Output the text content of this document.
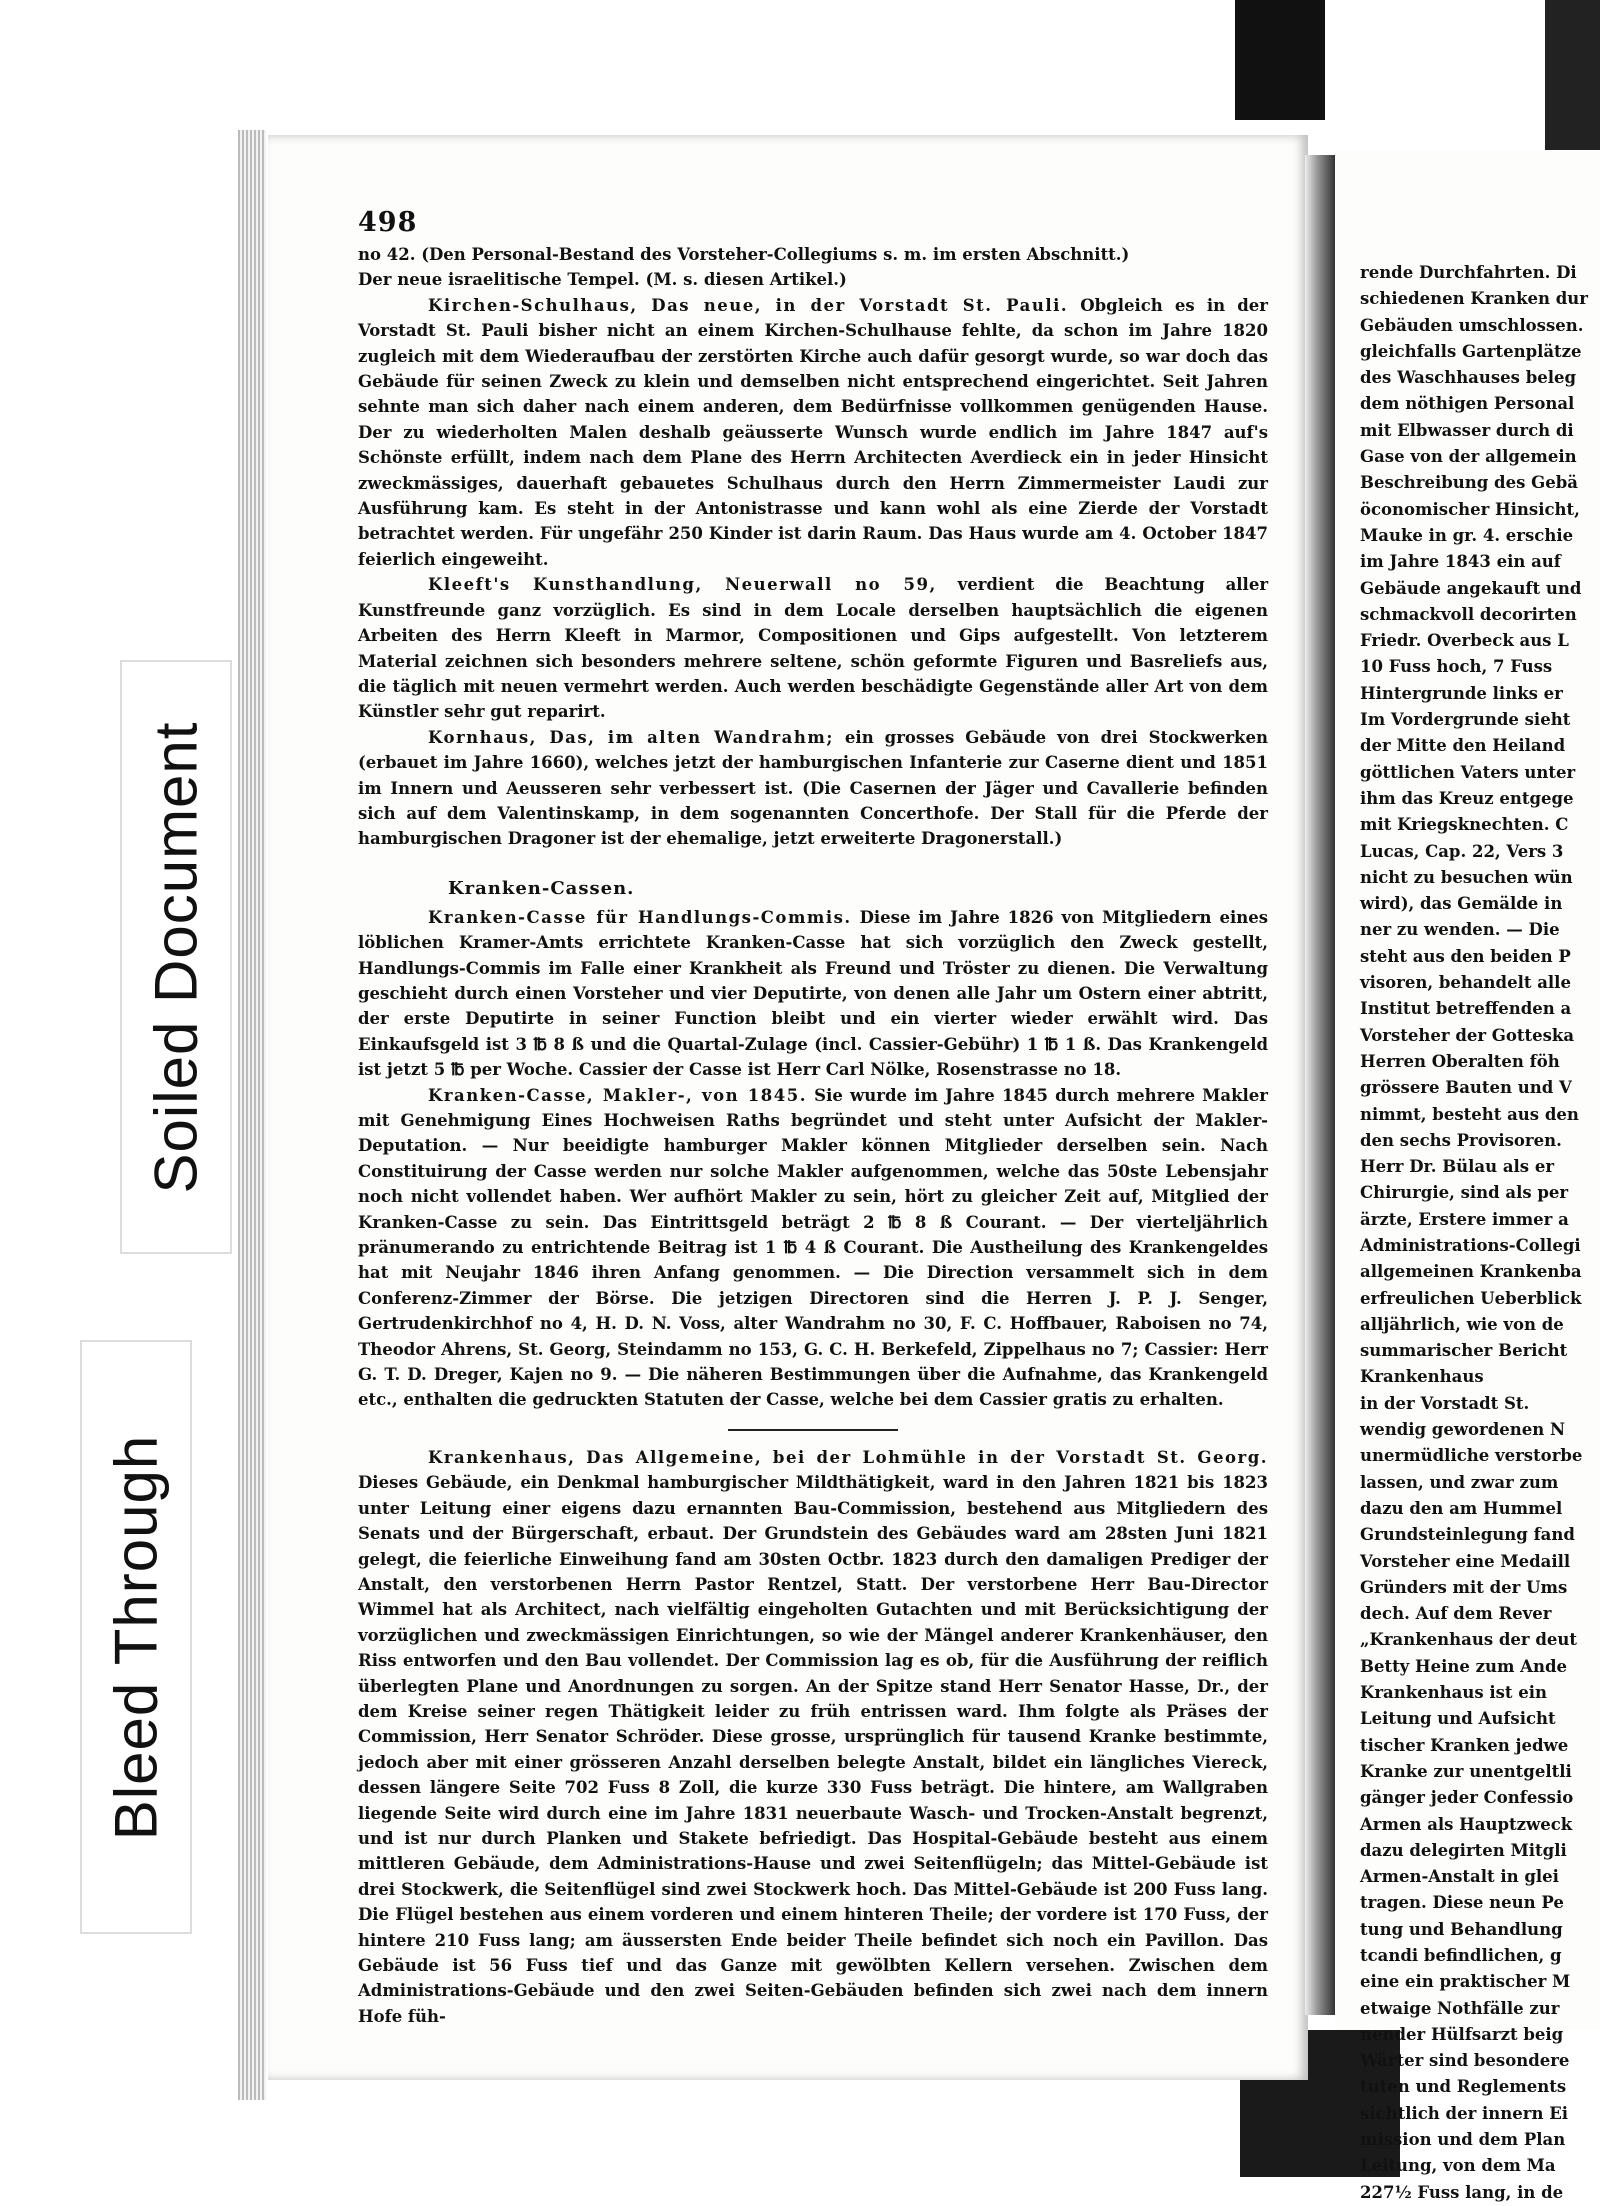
498

no 42. (Den Personal-Bestand des Vorsteher-Collegiums s. m. im ersten Abschnitt.)

Der neue israelitische Tempel. (M. s. diesen Artikel.)

Kirchen-Schulhaus, Das neue, in der Vorstadt St. Pauli. Obgleich es in der Vorstadt St. Pauli bisher nicht an einem Kirchen-Schulhause fehlte, da schon im Jahre 1820 zugleich mit dem Wiederaufbau der zerstörten Kirche auch dafür gesorgt wurde, so war doch das Gebäude für seinen Zweck zu klein und demselben nicht entsprechend eingerichtet. Seit Jahren sehnte man sich daher nach einem anderen, dem Bedürfnisse vollkommen genügenden Hause. Der zu wiederholten Malen deshalb geäusserte Wunsch wurde endlich im Jahre 1847 auf's Schönste erfüllt, indem nach dem Plane des Herrn Architecten Averdieck ein in jeder Hinsicht zweckmässiges, dauerhaft gebauetes Schulhaus durch den Herrn Zimmermeister Laudi zur Ausführung kam. Es steht in der Antonistrasse und kann wohl als eine Zierde der Vorstadt betrachtet werden. Für ungefähr 250 Kinder ist darin Raum. Das Haus wurde am 4. October 1847 feierlich eingeweiht.

Kleeft's Kunsthandlung, Neuerwall no 59, verdient die Beachtung aller Kunstfreunde ganz vorzüglich. Es sind in dem Locale derselben hauptsächlich die eigenen Arbeiten des Herrn Kleeft in Marmor, Compositionen und Gips aufgestellt. Von letzterem Material zeichnen sich besonders mehrere seltene, schön geformte Figuren und Basreliefs aus, die täglich mit neuen vermehrt werden. Auch werden beschädigte Gegenstände aller Art von dem Künstler sehr gut reparirt.

Kornhaus, Das, im alten Wandrahm; ein grosses Gebäude von drei Stockwerken (erbauet im Jahre 1660), welches jetzt der hamburgischen Infanterie zur Caserne dient und 1851 im Innern und Aeusseren sehr verbessert ist. (Die Casernen der Jäger und Cavallerie befinden sich auf dem Valentinskamp, in dem sogenannten Concerthofe. Der Stall für die Pferde der hamburgischen Dragoner ist der ehemalige, jetzt erweiterte Dragonerstall.)

Kranken-Cassen.

Kranken-Casse für Handlungs-Commis. Diese im Jahre 1826 von Mitgliedern eines löblichen Kramer-Amts errichtete Kranken-Casse hat sich vorzüglich den Zweck gestellt, Handlungs-Commis im Falle einer Krankheit als Freund und Tröster zu dienen. Die Verwaltung geschieht durch einen Vorsteher und vier Deputirte, von denen alle Jahr um Ostern einer abtritt, der erste Deputirte in seiner Function bleibt und ein vierter wieder erwählt wird. Das Einkaufsgeld ist 3 ℔ 8 ß und die Quartal-Zulage (incl. Cassier-Gebühr) 1 ℔ 1 ß. Das Krankengeld ist jetzt 5 ℔ per Woche. Cassier der Casse ist Herr Carl Nölke, Rosenstrasse no 18.

Kranken-Casse, Makler-, von 1845. Sie wurde im Jahre 1845 durch mehrere Makler mit Genehmigung Eines Hochweisen Raths begründet und steht unter Aufsicht der Makler-Deputation. — Nur beeidigte hamburger Makler können Mitglieder derselben sein. Nach Constituirung der Casse werden nur solche Makler aufgenommen, welche das 50ste Lebensjahr noch nicht vollendet haben. Wer aufhört Makler zu sein, hört zu gleicher Zeit auf, Mitglied der Kranken-Casse zu sein. Das Eintrittsgeld beträgt 2 ℔ 8 ß Courant. — Der vierteljährlich pränumerando zu entrichtende Beitrag ist 1 ℔ 4 ß Courant. Die Austheilung des Krankengeldes hat mit Neujahr 1846 ihren Anfang genommen. — Die Direction versammelt sich in dem Conferenz-Zimmer der Börse. Die jetzigen Directoren sind die Herren J. P. J. Senger, Gertrudenkirchhof no 4, H. D. N. Voss, alter Wandrahm no 30, F. C. Hoffbauer, Raboisen no 74, Theodor Ahrens, St. Georg, Steindamm no 153, G. C. H. Berkefeld, Zippelhaus no 7; Cassier: Herr G. T. D. Dreger, Kajen no 9. — Die näheren Bestimmungen über die Aufnahme, das Krankengeld etc., enthalten die gedruckten Statuten der Casse, welche bei dem Cassier gratis zu erhalten.

Krankenhaus, Das Allgemeine, bei der Lohmühle in der Vorstadt St. Georg. Dieses Gebäude, ein Denkmal hamburgischer Mildthätigkeit, ward in den Jahren 1821 bis 1823 unter Leitung einer eigens dazu ernannten Bau-Commission, bestehend aus Mitgliedern des Senats und der Bürgerschaft, erbaut. Der Grundstein des Gebäudes ward am 28sten Juni 1821 gelegt, die feierliche Einweihung fand am 30sten Octbr. 1823 durch den damaligen Prediger der Anstalt, den verstorbenen Herrn Pastor Rentzel, Statt. Der verstorbene Herr Bau-Director Wimmel hat als Architect, nach vielfältig eingeholten Gutachten und mit Berücksichtigung der vorzüglichen und zweckmässigen Einrichtungen, so wie der Mängel anderer Krankenhäuser, den Riss entworfen und den Bau vollendet. Der Commission lag es ob, für die Ausführung der reiflich überlegten Plane und Anordnungen zu sorgen. An der Spitze stand Herr Senator Hasse, Dr., der dem Kreise seiner regen Thätigkeit leider zu früh entrissen ward. Ihm folgte als Präses der Commission, Herr Senator Schröder. Diese grosse, ursprünglich für tausend Kranke bestimmte, jedoch aber mit einer grösseren Anzahl derselben belegte Anstalt, bildet ein längliches Viereck, dessen längere Seite 702 Fuss 8 Zoll, die kurze 330 Fuss beträgt. Die hintere, am Wallgraben liegende Seite wird durch eine im Jahre 1831 neuerbaute Wasch- und Trocken-Anstalt begrenzt, und ist nur durch Planken und Stakete befriedigt. Das Hospital-Gebäude besteht aus einem mittleren Gebäude, dem Administrations-Hause und zwei Seitenflügeln; das Mittel-Gebäude ist drei Stockwerk, die Seitenflügel sind zwei Stockwerk hoch. Das Mittel-Gebäude ist 200 Fuss lang. Die Flügel bestehen aus einem vorderen und einem hinteren Theile; der vordere ist 170 Fuss, der hintere 210 Fuss lang; am äussersten Ende beider Theile befindet sich noch ein Pavillon. Das Gebäude ist 56 Fuss tief und das Ganze mit gewölbten Kellern versehen. Zwischen dem Administrations-Gebäude und den zwei Seiten-Gebäuden befinden sich zwei nach dem innern Hofe füh-

rende Durchfahrten. Di
schiedenen Kranken dur
Gebäuden umschlossen.
gleichfalls Gartenplätze
des Waschhauses beleg
dem nöthigen Personal
mit Elbwasser durch di
Gase von der allgemein
Beschreibung des Gebä
öconomischer Hinsicht,
Mauke in gr. 4. erschie
im Jahre 1843 ein auf
Gebäude angekauft und
schmackvoll decorirten
Friedr. Overbeck aus L
10 Fuss hoch, 7 Fuss
Hintergrunde links er
Im Vordergrunde sieht
der Mitte den Heiland
göttlichen Vaters unter
ihm das Kreuz entgege
mit Kriegsknechten. C
Lucas, Cap. 22, Vers 3
nicht zu besuchen wün
wird), das Gemälde in
ner zu wenden. — Die
steht aus den beiden P
visoren, behandelt alle
Institut betreffenden a
Vorsteher der Gotteska
Herren Oberalten föh
grössere Bauten und V
nimmt, besteht aus den
den sechs Provisoren.
Herr Dr. Bülau als er
Chirurgie, sind als per
ärzte, Erstere immer a
Administrations-Collegi
allgemeinen Krankenba
erfreulichen Ueberblick
alljährlich, wie von de
summarischer Bericht
Krankenhaus
in der Vorstadt St.
wendig gewordenen N
unermüdliche verstorbe
lassen, und zwar zum
dazu den am Hummel
Grundsteinlegung fand
Vorsteher eine Medaill
Gründers mit der Ums
dech. Auf dem Rever
„Krankenhaus der deut
Betty Heine zum Ande
Krankenhaus ist ein
Leitung und Aufsicht
tischer Kranken jedwe
Kranke zur unentgeltli
gänger jeder Confessio
Armen als Hauptzweck
dazu delegirten Mitgli
Armen-Anstalt in glei
tragen. Diese neun Pe
tung und Behandlung
tcandi befindlichen, g
eine ein praktischer M
etwaige Nothfälle zur
nender Hülfsarzt beig
Wärter sind besondere
tuten und Reglements
sichtlich der innern Ei
mission und dem Plan
Leitung, von dem Ma
227½ Fuss lang, in de
Soiled Document
Bleed Through
